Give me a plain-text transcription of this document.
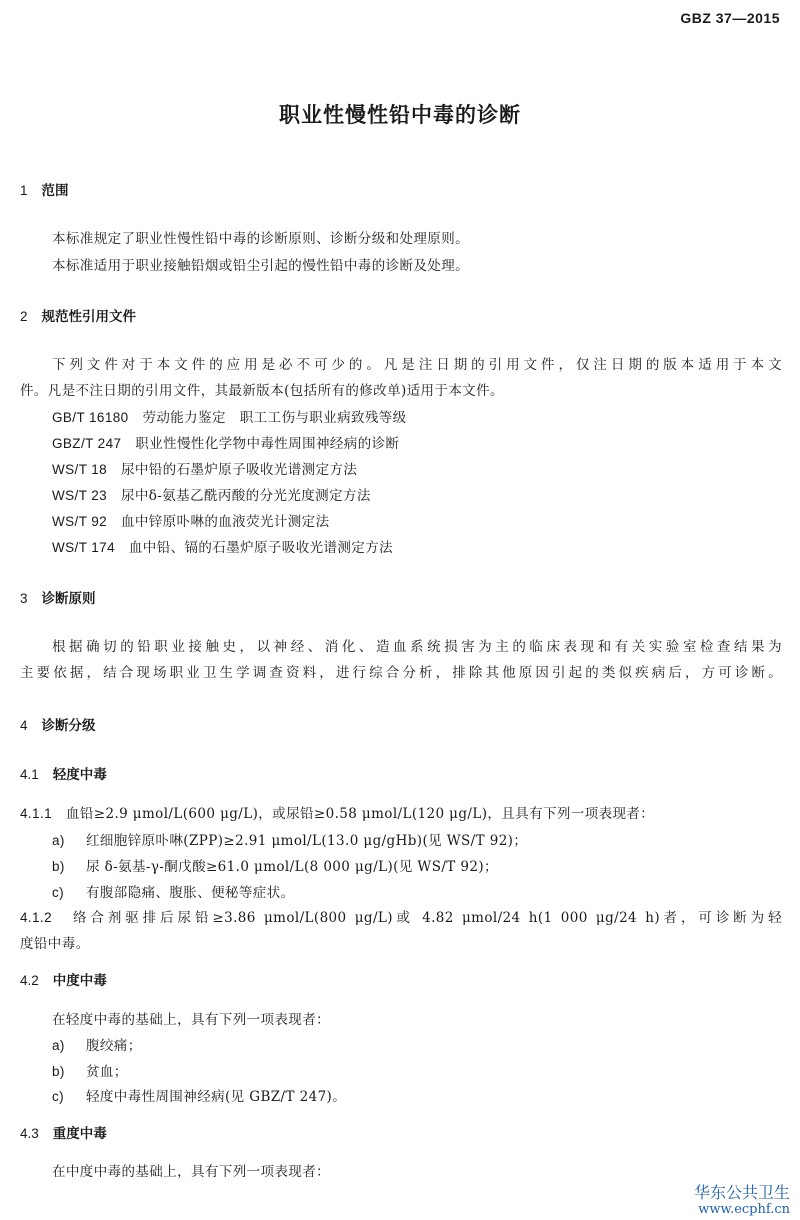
GBZ 37—2015
职业性慢性铅中毒的诊断
1 范围
本标准规定了职业性慢性铅中毒的诊断原则、诊断分级和处理原则。
本标准适用于职业接触铅烟或铅尘引起的慢性铅中毒的诊断及处理。
2 规范性引用文件
下列文件对于本文件的应用是必不可少的。凡是注日期的引用文件，仅注日期的版本适用于本文
件。凡是不注日期的引用文件，其最新版本(包括所有的修改单)适用于本文件。
GB/T 16180　 劳动能力鉴定　职工工伤与职业病致残等级
GBZ/T 247　 职业性慢性化学物中毒性周围神经病的诊断
WS/T 18　 尿中铅的石墨炉原子吸收光谱测定方法
WS/T 23　 尿中δ-氨基乙酰丙酸的分光光度测定方法
WS/T 92　 血中锌原卟啉的血液荧光计测定法
WS/T 174　 血中铅、镉的石墨炉原子吸收光谱测定方法
3 诊断原则
根据确切的铅职业接触史，以神经、消化、造血系统损害为主的临床表现和有关实验室检查结果为
主要依据，结合现场职业卫生学调查资料，进行综合分析，排除其他原因引起的类似疾病后，方可诊断。
4 诊断分级
4.1 轻度中毒
4.1.1　 血铅≥2.9 μmol/L(600 μg/L)，或尿铅≥0.58 μmol/L(120 μg/L)，且具有下列一项表现者：
a) 红细胞锌原卟啉(ZPP)≥2.91 μmol/L(13.0 μg/gHb)(见 WS/T 92)；
b) 尿 δ-氨基-γ-酮戊酸≥61.0 μmol/L(8 000 μg/L)(见 WS/T 92)；
c) 有腹部隐痛、腹胀、便秘等症状。
4.1.2　 络合剂驱排后尿铅≥3.86 μmol/L(800 μg/L)或 4.82 μmol/24 h(1 000 μg/24 h)者，可诊断为轻
度铅中毒。
4.2 中度中毒
在轻度中毒的基础上，具有下列一项表现者：
a) 腹绞痛；
b) 贫血；
c) 轻度中毒性周围神经病(见 GBZ/T 247)。
4.3 重度中毒
在中度中毒的基础上，具有下列一项表现者：
华东公共卫生
www.ecphf.cn
